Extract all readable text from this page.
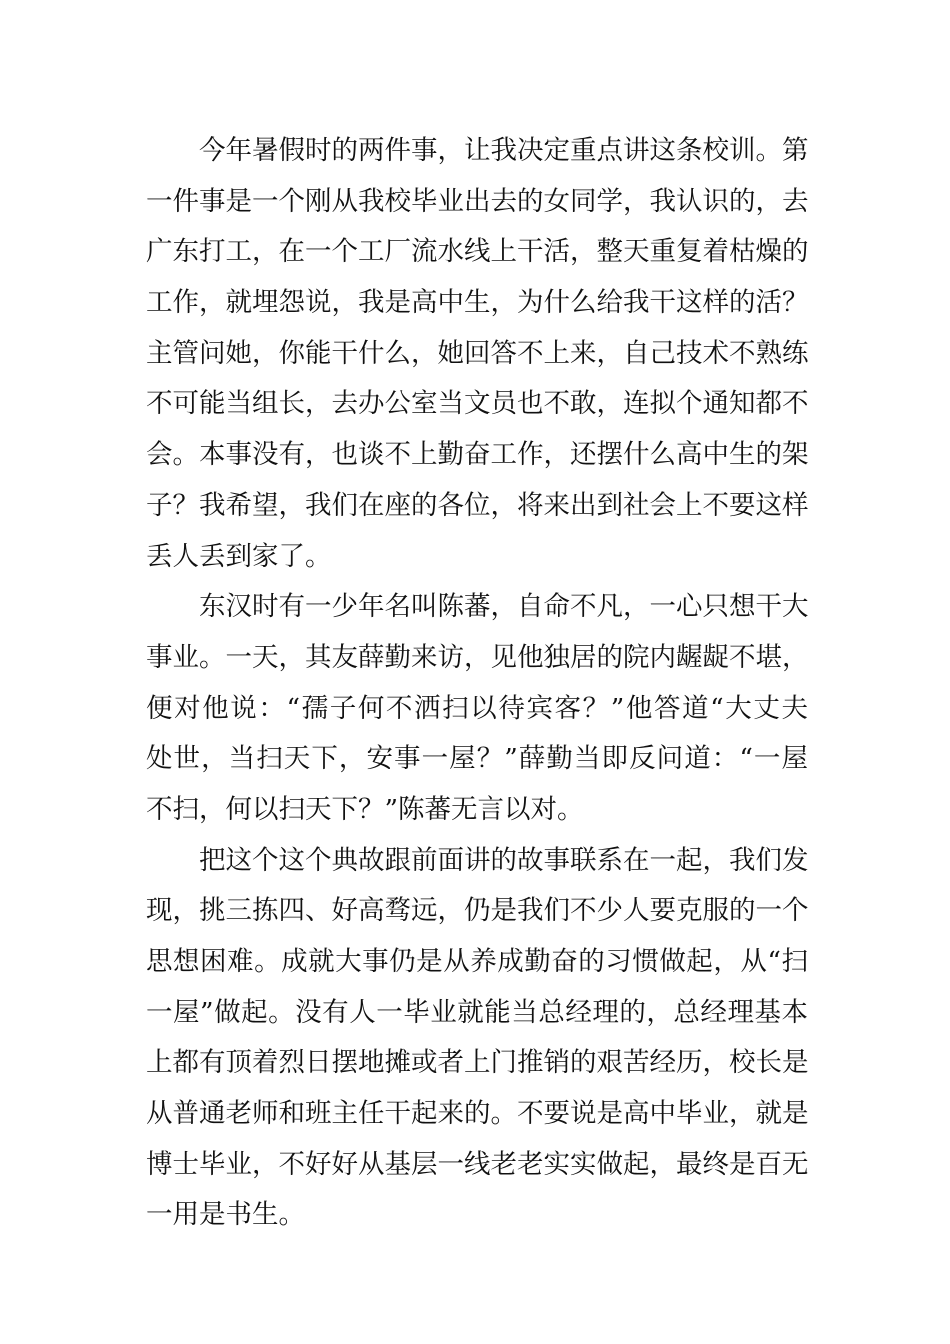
今年暑假时的两件事，让我决定重点讲这条校训。第
一件事是一个刚从我校毕业出去的女同学，我认识的，去
广东打工，在一个工厂流水线上干活，整天重复着枯燥的
工作，就埋怨说，我是高中生，为什么给我干这样的活？
主管问她，你能干什么，她回答不上来，自己技术不熟练
不可能当组长，去办公室当文员也不敢，连拟个通知都不
会。本事没有，也谈不上勤奋工作，还摆什么高中生的架
子？我希望，我们在座的各位，将来出到社会上不要这样
丢人丢到家了。
东汉时有一少年名叫陈蕃，自命不凡，一心只想干大
事业。一天，其友薛勤来访，见他独居的院内龌龊不堪，
便对他说：“孺子何不洒扫以待宾客？”他答道“大丈夫
处世，当扫天下，安事一屋？”薛勤当即反问道：“一屋
不扫，何以扫天下？”陈蕃无言以对。
把这个这个典故跟前面讲的故事联系在一起，我们发
现，挑三拣四、好高骛远，仍是我们不少人要克服的一个
思想困难。成就大事仍是从养成勤奋的习惯做起，从“扫
一屋”做起。没有人一毕业就能当总经理的，总经理基本
上都有顶着烈日摆地摊或者上门推销的艰苦经历，校长是
从普通老师和班主任干起来的。不要说是高中毕业，就是
博士毕业，不好好从基层一线老老实实做起，最终是百无
一用是书生。
